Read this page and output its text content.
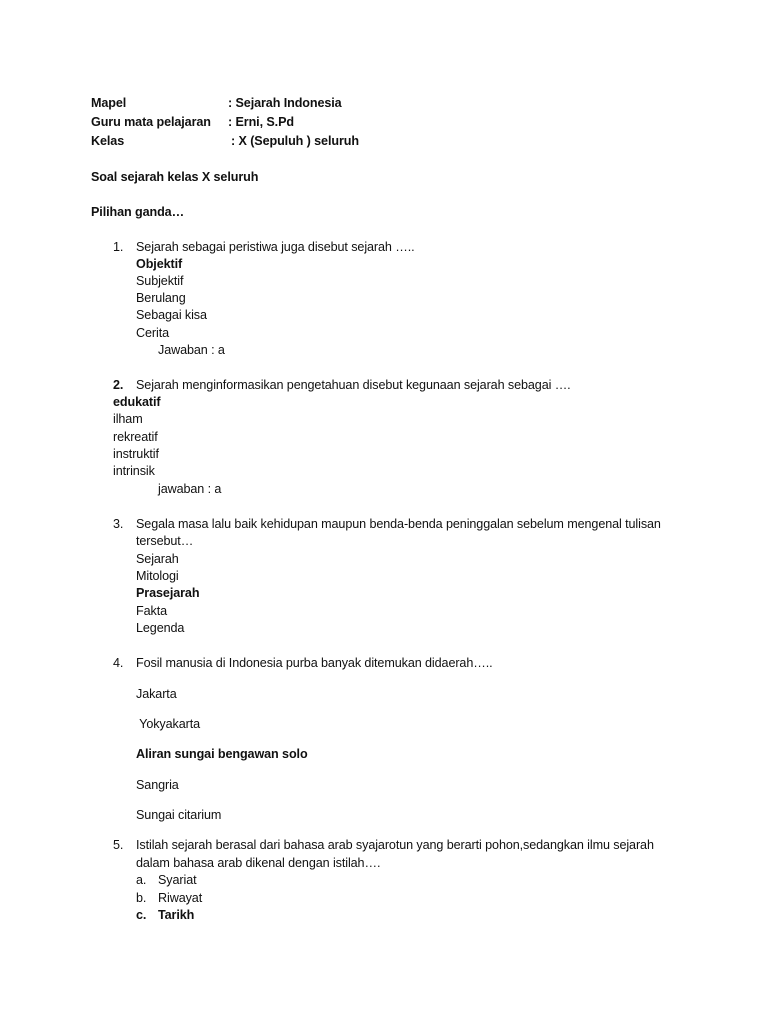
Mapel	: Sejarah Indonesia
Guru mata pelajaran : Erni, S.Pd
Kelas	: X (Sepuluh ) seluruh
Soal sejarah kelas X seluruh
Pilihan ganda…
1. Sejarah sebagai peristiwa juga disebut sejarah …..
Objektif
Subjektif
Berulang
Sebagai kisa
Cerita
Jawaban : a
2. Sejarah menginformasikan pengetahuan disebut kegunaan sejarah sebagai ….
edukatif
ilham
rekreatif
instruktif
intrinsik
jawaban : a
3. Segala masa lalu baik kehidupan maupun benda-benda peninggalan sebelum mengenal tulisan
tersebut…
Sejarah
Mitologi
Prasejarah
Fakta
Legenda
4. Fosil manusia di Indonesia purba banyak ditemukan didaerah…..
Jakarta
Yokyakarta
Aliran sungai bengawan solo
Sangria
Sungai citarium
5. Istilah sejarah berasal dari bahasa arab syajarotun yang berarti pohon,sedangkan ilmu sejarah
dalam bahasa arab dikenal dengan istilah….
a. Syariat
b. Riwayat
c. Tarikh
